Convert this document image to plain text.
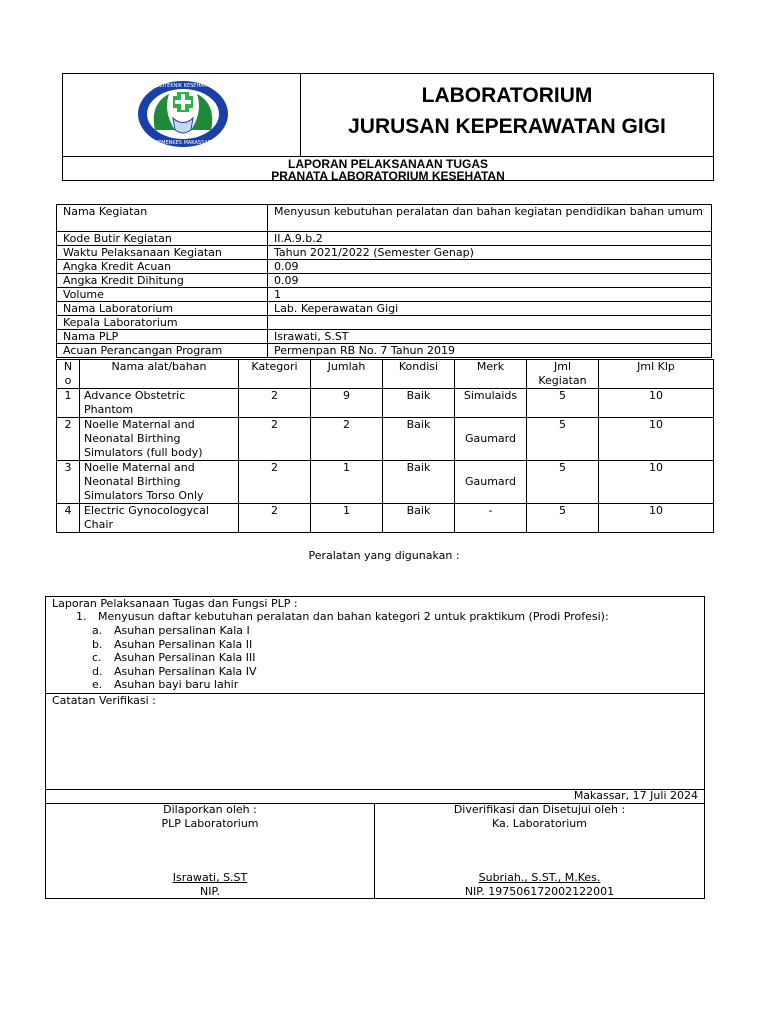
POLITEKNIK KESEHATAN
KEMENKES MAKASSAR
LABORATORIUM
JURUSAN KEPERAWATAN GIGI
LAPORAN PELAKSANAAN TUGAS
PRANATA LABORATORIUM KESEHATAN
Nama Kegiatan	Menyusun kebutuhan peralatan dan bahan kegiatan pendidikan bahan umum
Kode Butir Kegiatan	II.A.9.b.2
Waktu Pelaksanaan Kegiatan	Tahun 2021/2022 (Semester Genap)
Angka Kredit Acuan	0.09
Angka Kredit Dihitung	0.09
Volume	1
Nama Laboratorium	Lab. Keperawatan Gigi
Kepala Laboratorium	
Nama PLP	Israwati, S.ST
Acuan Perancangan Program	Permenpan RB No. 7 Tahun 2019
N o	Nama alat/bahan	Kategori	Jumlah	Kondisi	Merk	Jml Kegiatan	Jml Klp
1	Advance Obstetric Phantom	2	9	Baik	Simulaids	5	10
2	Noelle Maternal and Neonatal Birthing Simulators (full body)	2	2	Baik	Gaumard	5	10
3	Noelle Maternal and Neonatal Birthing Simulators Torso Only	2	1	Baik	Gaumard	5	10
4	Electric Gynocologycal Chair	2	1	Baik	-	5	10
Peralatan yang digunakan :
Laporan Pelaksanaan Tugas dan Fungsi PLP :
1. Menyusun daftar kebutuhan peralatan dan bahan kategori 2 untuk praktikum (Prodi Profesi):
a. Asuhan persalinan Kala I
b. Asuhan Persalinan Kala II
c. Asuhan Persalinan Kala III
d. Asuhan Persalinan Kala IV
e. Asuhan bayi baru lahir
Catatan Verifikasi :
Makassar, 17 Juli 2024
Dilaporkan oleh :
PLP Laboratorium
Israwati, S.ST
NIP.
Diverifikasi dan Disetujui oleh :
Ka. Laboratorium
Subriah., S.ST., M.Kes.
NIP. 197506172002122001
